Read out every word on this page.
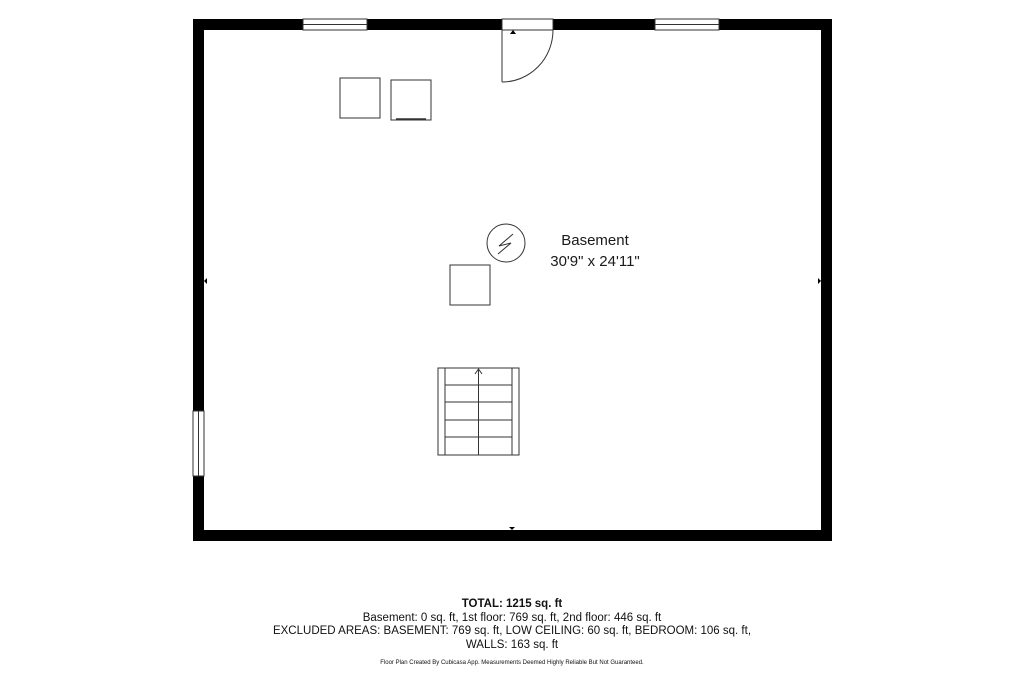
Basement
30'9" x 24'11"
TOTAL: 1215 sq. ft
Basement: 0 sq. ft, 1st floor: 769 sq. ft, 2nd floor: 446 sq. ft
EXCLUDED AREAS: BASEMENT: 769 sq. ft, LOW CEILING: 60 sq. ft, BEDROOM: 106 sq. ft,
WALLS: 163 sq. ft
Floor Plan Created By Cubicasa App. Measurements Deemed Highly Reliable But Not Guaranteed.
